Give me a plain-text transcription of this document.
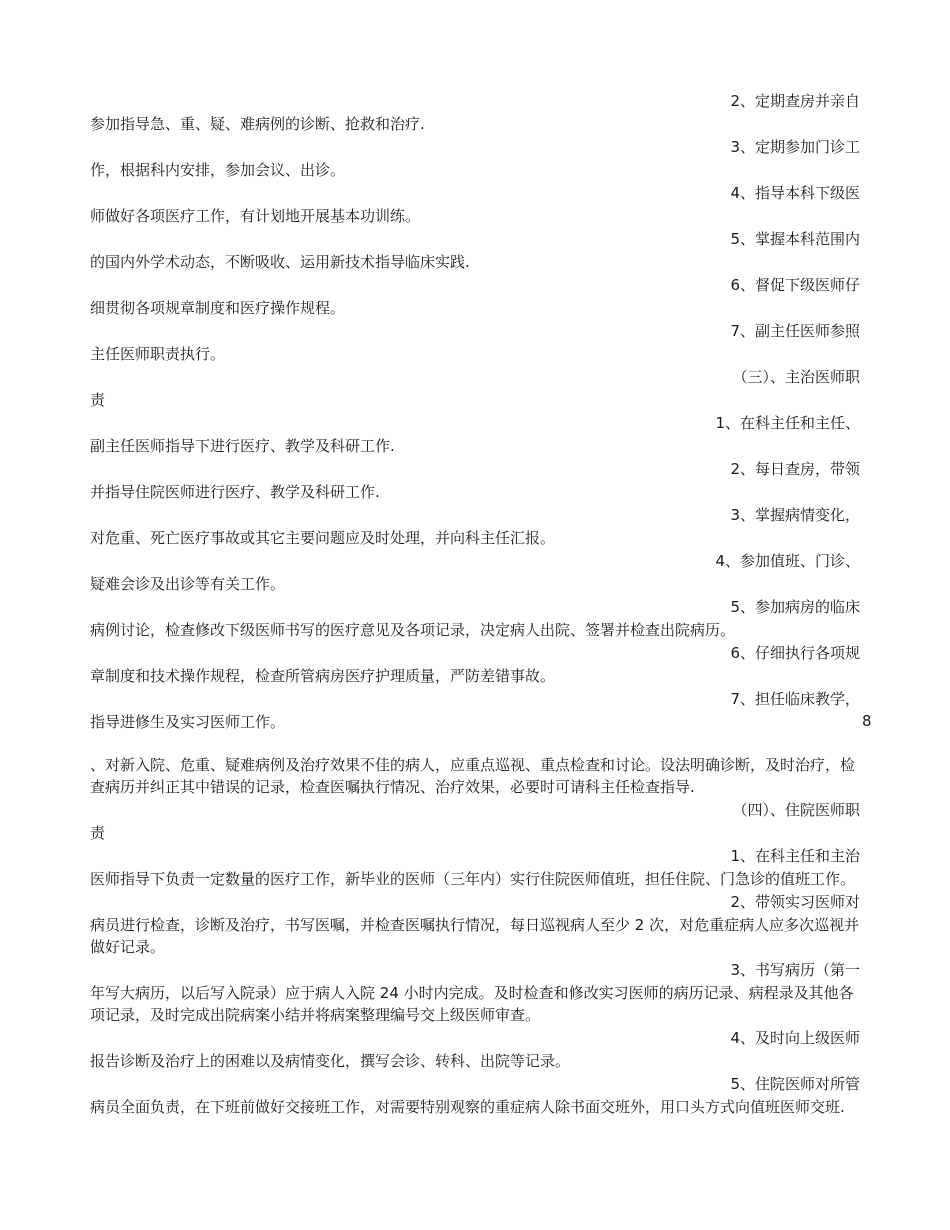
2、定期查房并亲自
参加指导急、重、疑、难病例的诊断、抢救和治疗.
3、定期参加门诊工
作，根据科内安排，参加会议、出诊。
4、指导本科下级医
师做好各项医疗工作，有计划地开展基本功训练。
5、掌握本科范围内
的国内外学术动态，不断吸收、运用新技术指导临床实践.
6、督促下级医师仔
细贯彻各项规章制度和医疗操作规程。
7、副主任医师参照
主任医师职责执行。
（三）、主治医师职
责
1、在科主任和主任、
副主任医师指导下进行医疗、教学及科研工作.
2、每日查房，带领
并指导住院医师进行医疗、教学及科研工作.
3、掌握病情变化，
对危重、死亡医疗事故或其它主要问题应及时处理，并向科主任汇报。
4、参加值班、门诊、
疑难会诊及出诊等有关工作。
5、参加病房的临床
病例讨论，检查修改下级医师书写的医疗意见及各项记录，决定病人出院、签署并检查出院病历。
6、仔细执行各项规
章制度和技术操作规程，检查所管病房医疗护理质量，严防差错事故。
7、担任临床教学，
指导进修生及实习医师工作。
、对新入院、危重、疑难病例及治疗效果不佳的病人，应重点巡视、重点检查和讨论。设法明确诊断，及时治疗，检查病历并纠正其中错误的记录，检查医嘱执行情况、治疗效果，必要时可请科主任检查指导.
（四）、住院医师职
责
1、在科主任和主治
医师指导下负责一定数量的医疗工作，新毕业的医师（三年内）实行住院医师值班，担任住院、门急诊的值班工作。
2、带领实习医师对
病员进行检查，诊断及治疗，书写医嘱，并检查医嘱执行情况，每日巡视病人至少 2 次，对危重症病人应多次巡视并做好记录。
3、书写病历（第一
年写大病历，以后写入院录）应于病人入院 24 小时内完成。及时检查和修改实习医师的病历记录、病程录及其他各项记录，及时完成出院病案小结并将病案整理编号交上级医师审查。
4、及时向上级医师
报告诊断及治疗上的困难以及病情变化，撰写会诊、转科、出院等记录。
5、住院医师对所管
病员全面负责，在下班前做好交接班工作，对需要特别观察的重症病人除书面交班外，用口头方式向值班医师交班.
8
